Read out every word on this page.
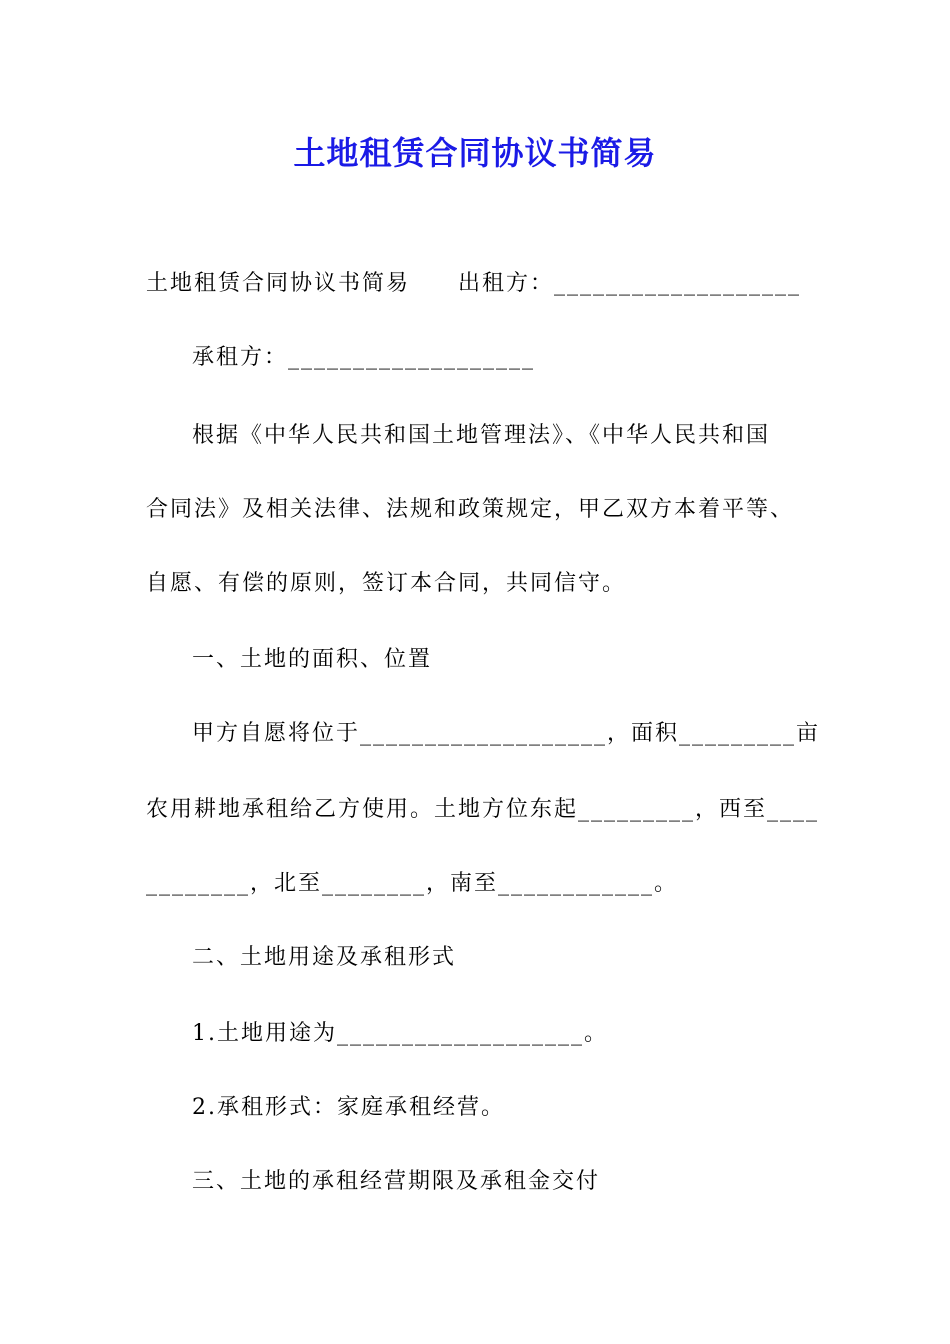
土地租赁合同协议书简易
土地租赁合同协议书简易 出租方：___________________
承租方：___________________
根据《中华人民共和国土地管理法》、《中华人民共和国
合同法》及相关法律、法规和政策规定，甲乙双方本着平等、
自愿、有偿的原则，签订本合同，共同信守。
一、土地的面积、位置
甲方自愿将位于___________________，面积_________亩
农用耕地承租给乙方使用。土地方位东起_________，西至____
________，北至________，南至____________。
二、土地用途及承租形式
1.土地用途为___________________。
2.承租形式：家庭承租经营。
三、土地的承租经营期限及承租金交付
